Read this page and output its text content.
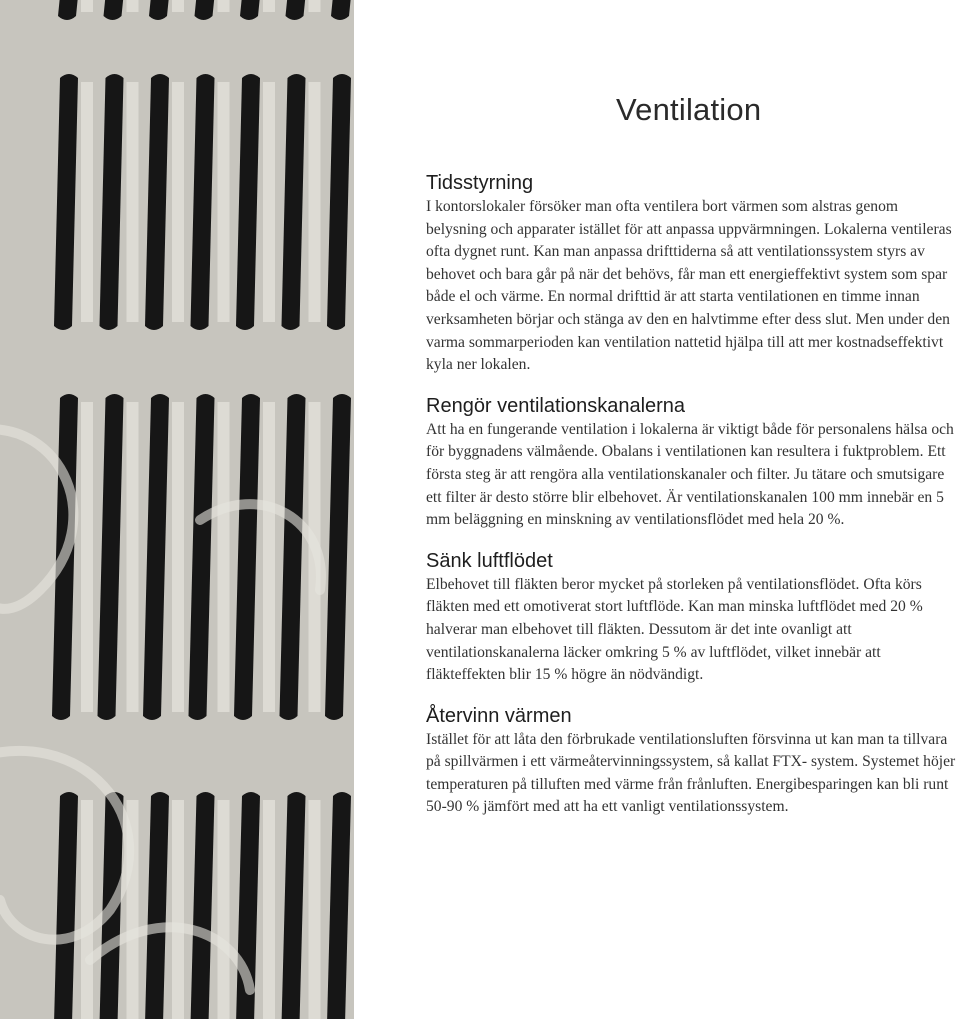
Ventilation
Tidsstyrning

I kontorslokaler försöker man ofta ventilera bort värmen som alstras genom belysning och apparater istället för att anpassa uppvärmningen. Lokalerna ventileras ofta dygnet runt. Kan man anpassa drifttiderna så att ventilationssystem styrs av behovet och bara går på när det behövs, får man ett energieffektivt system som spar både el och värme. En normal drifttid är att starta ventilationen en timme innan verksamheten börjar och stänga av den en halvtimme efter dess slut. Men under den varma sommarperioden kan ventilation nattetid hjälpa till att mer kostnadseffektivt kyla ner lokalen.

Rengör ventilationskanalerna

Att ha en fungerande ventilation i lokalerna är viktigt både för personalens hälsa och för byggnadens välmående. Obalans i ventilationen kan resultera i fuktproblem. Ett första steg är att rengöra alla ventilationskanaler och filter. Ju tätare och smutsigare ett filter är desto större blir elbehovet. Är ventilationskanalen 100 mm innebär en 5 mm beläggning en minskning av ventilationsflödet med hela 20 %.

Sänk luftflödet

Elbehovet till fläkten beror mycket på storleken på ventilationsflödet. Ofta körs fläkten med ett omotiverat stort luftflöde. Kan man minska luftflödet med 20 % halverar man elbehovet till fläkten. Dessutom är det inte ovanligt att ventilationskanalerna läcker omkring 5 % av luftflödet, vilket innebär att fläkteffekten blir 15 % högre än nödvändigt.

Återvinn värmen

Istället för att låta den förbrukade ventilationsluften försvinna ut kan man ta tillvara på spillvärmen i ett värmeåtervinningssystem, så kallat FTX- system. Systemet höjer temperaturen på tilluften med värme från frånluften. Energibesparingen kan bli runt 50-90 % jämfört med att ha ett vanligt ventilationssystem.
